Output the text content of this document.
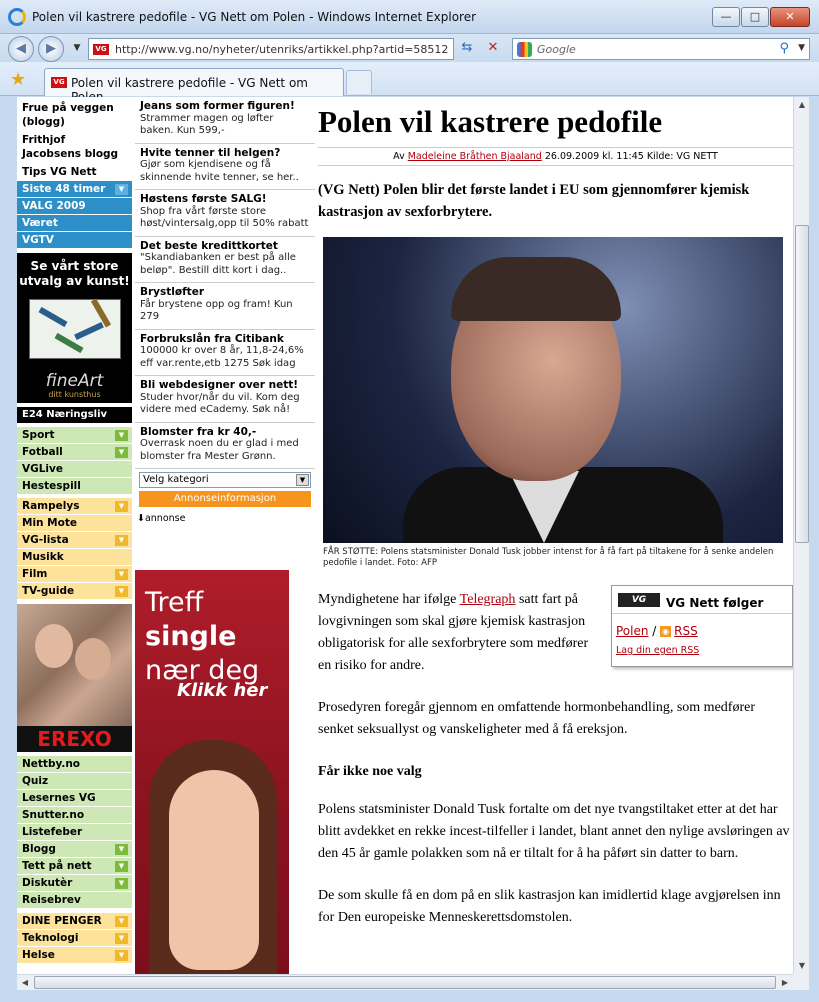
Polen vil kastrere pedofile - VG Nett om Polen - Windows Internet Explorer	—	□	✕
◀	▶	▼	VG http://www.vg.no/nyheter/utenriks/artikkel.php?artid=58512	⇆	✕	Google	⚲ ▼
★	VG Polen vil kastrere pedofile - VG Nett om
Frue på veggen (blogg)
Frithjof Jacobsens blogg
Tips VG Nett
Siste 48 timer	▼
VALG 2009
Været
VGTV
Se vårt store utvalg av kunst!
fineArt
ditt kunsthus
E24 Næringsliv
Sport	▼
Fotball	▼
VGLive
Hestespill
Rampelys	▼
Min Mote
VG-lista	▼
Musikk
Film	▼
TV-guide	▼
EREXO
Nettby.no
Quiz
Lesernes VG
Snutter.no
Listefeber
Blogg	▼
Tett på nett	▼
Diskutèr	▼
Reisebrev
DINE PENGER	▼
Teknologi	▼
Helse	▼
Jeans som former figuren!
Strammer magen og løfter baken. Kun 599,-
Hvite tenner til helgen?
Gjør som kjendisene og få skinnende hvite tenner, se her..
Høstens første SALG!
Shop fra vårt første store høst/vintersalg,opp til 50% rabatt
Det beste kredittkortet
"Skandiabanken er best på alle beløp". Bestill ditt kort i dag..
Brystløfter
Får brystene opp og fram! Kun 279
Forbrukslån fra Citibank
100000 kr over 8 år, 11,8-24,6% eff var.rente,etb 1275 Søk idag
Bli webdesigner over nett!
Studer hvor/når du vil. Kom deg videre med eCademy. Søk nå!
Blomster fra kr 40,-
Overrask noen du er glad i med blomster fra Mester Grønn.
Velg kategori	▼
Annonseinformasjon
⬇annonse
Treff single
nær deg
Klikk her
Polen vil kastrere pedofile
Av Madeleine Bråthen Bjaaland 26.09.2009 kl. 11:45 Kilde: VG NETT
(VG Nett) Polen blir det første landet i EU som gjennomfører kjemisk kastrasjon av sexforbrytere.
FÅR STØTTE: Polens statsminister Donald Tusk jobber intenst for å få fart på tiltakene for å senke andelen pedofile i landet. Foto: AFP
VG	VG Nett følger
Polen / ◉ RSS
Lag din egen RSS
Myndighetene har ifølge Telegraph satt fart på lovgivningen som skal gjøre kjemisk kastrasjon obligatorisk for alle sexforbrytere som medfører en risiko for andre.
Prosedyren foregår gjennom en omfattende hormonbehandling, som medfører senket seksuallyst og vanskeligheter med å få ereksjon.
Får ikke noe valg
Polens statsminister Donald Tusk fortalte om det nye tvangstiltaket etter at det har blitt avdekket en rekke incest-tilfeller i landet, blant annet den nylige avsløringen av den 45 år gamle polakken som nå er tiltalt for å ha påført sin datter to barn.
De som skulle få en dom på en slik kastrasjon kan imidlertid klage avgjørelsen inn for Den europeiske Menneskerettsdomstolen.
▲
▼
◀	▶
